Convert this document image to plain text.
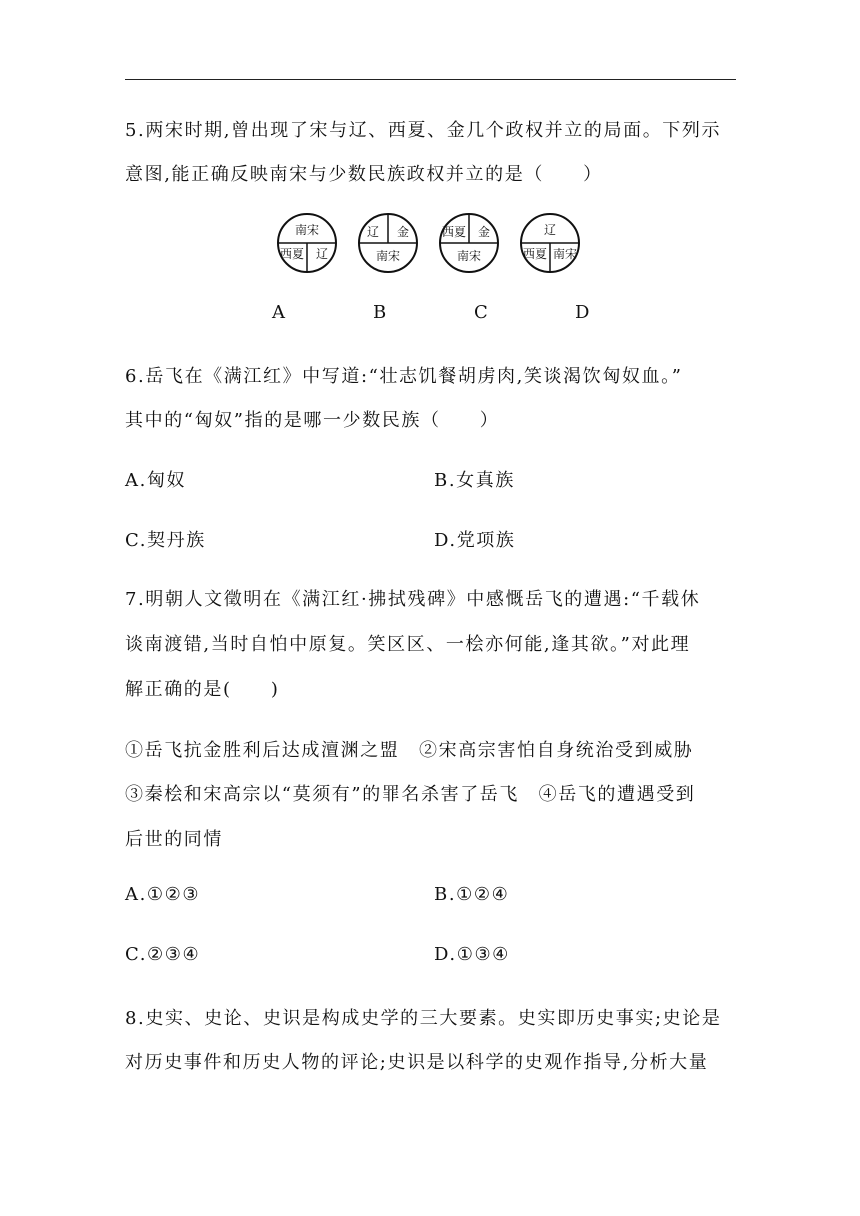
5.两宋时期,曾出现了宋与辽、西夏、金几个政权并立的局面。下列示
意图,能正确反映南宋与少数民族政权并立的是（　　）
南宋
西夏 辽
辽 金
南宋
西夏 金
南宋
辽
西夏 南宋
A	B	C	D
6.岳飞在《满江红》中写道:“壮志饥餐胡虏肉,笑谈渴饮匈奴血。”
其中的“匈奴”指的是哪一少数民族（　　）
A.匈奴	B.女真族
C.契丹族	D.党项族
7.明朝人文徵明在《满江红·拂拭残碑》中感慨岳飞的遭遇:“千载休
谈南渡错,当时自怕中原复。笑区区、一桧亦何能,逢其欲。”对此理
解正确的是(　　)
①岳飞抗金胜利后达成澶渊之盟　②宋高宗害怕自身统治受到威胁
③秦桧和宋高宗以“莫须有”的罪名杀害了岳飞　④岳飞的遭遇受到
后世的同情
A.①②③	B.①②④
C.②③④	D.①③④
8.史实、史论、史识是构成史学的三大要素。史实即历史事实;史论是
对历史事件和历史人物的评论;史识是以科学的史观作指导,分析大量
